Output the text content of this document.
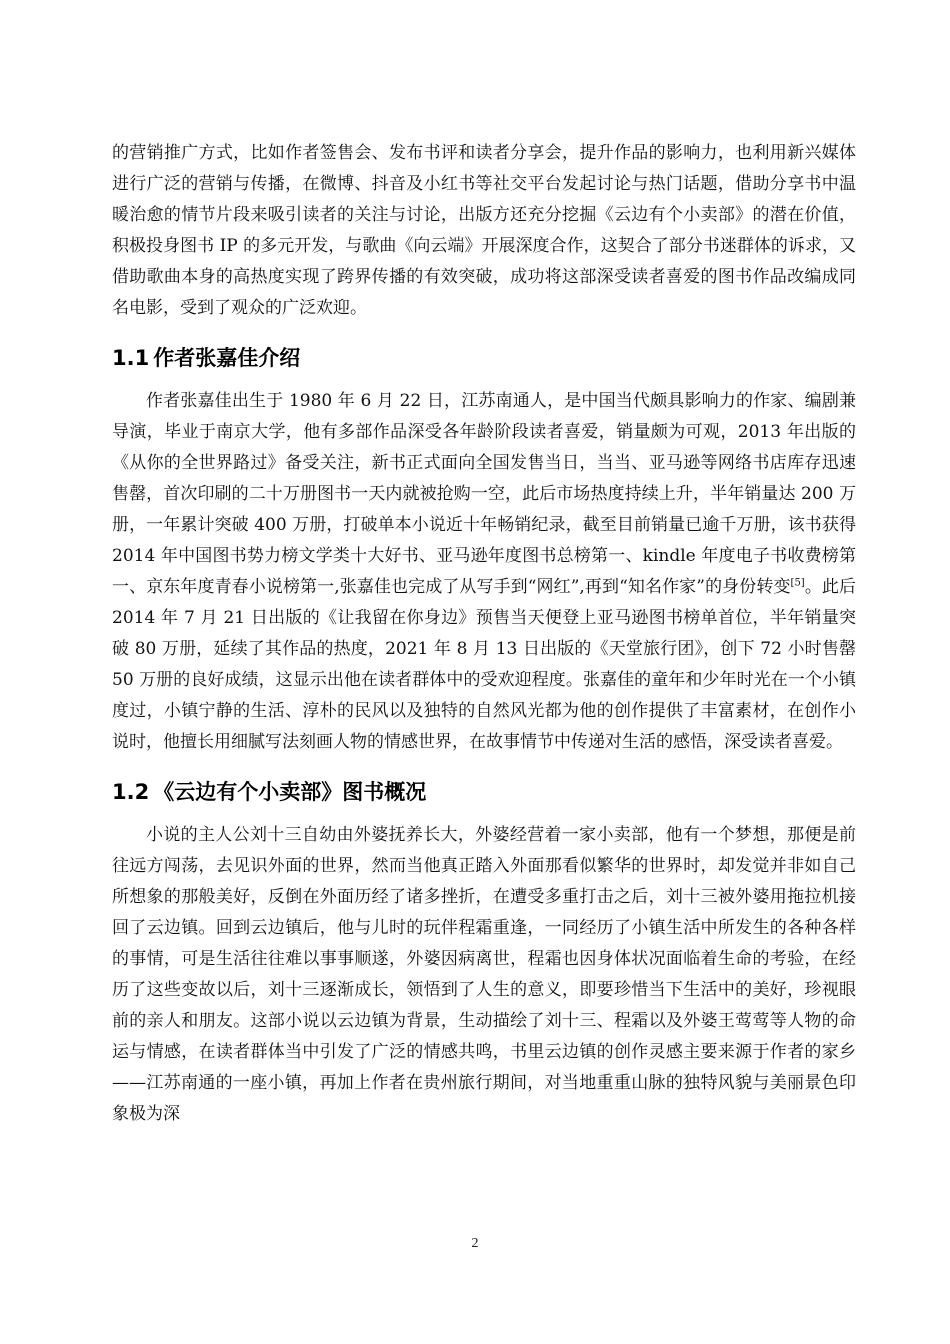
的营销推广方式，比如作者签售会、发布书评和读者分享会，提升作品的影响力，也利用新兴媒体进行广泛的营销与传播，在微博、抖音及小红书等社交平台发起讨论与热门话题，借助分享书中温暖治愈的情节片段来吸引读者的关注与讨论，出版方还充分挖掘《云边有个小卖部》的潜在价值，积极投身图书 IP 的多元开发，与歌曲《向云端》开展深度合作，这契合了部分书迷群体的诉求，又借助歌曲本身的高热度实现了跨界传播的有效突破，成功将这部深受读者喜爱的图书作品改编成同名电影，受到了观众的广泛欢迎。

1.1 作者张嘉佳介绍

作者张嘉佳出生于 1980 年 6 月 22 日，江苏南通人，是中国当代颇具影响力的作家、编剧兼导演，毕业于南京大学，他有多部作品深受各年龄阶段读者喜爱，销量颇为可观，2013 年出版的《从你的全世界路过》备受关注，新书正式面向全国发售当日，当当、亚马逊等网络书店库存迅速售罄，首次印刷的二十万册图书一天内就被抢购一空，此后市场热度持续上升，半年销量达 200 万册，一年累计突破 400 万册，打破单本小说近十年畅销纪录，截至目前销量已逾千万册，该书获得 2014 年中国图书势力榜文学类十大好书、亚马逊年度图书总榜第一、kindle 年度电子书收费榜第一、京东年度青春小说榜第一,张嘉佳也完成了从写手到“网红”,再到“知名作家”的身份转变[5]。此后 2014 年 7 月 21 日出版的《让我留在你身边》预售当天便登上亚马逊图书榜单首位，半年销量突破 80 万册，延续了其作品的热度，2021 年 8 月 13 日出版的《天堂旅行团》，创下 72 小时售罄 50 万册的良好成绩，这显示出他在读者群体中的受欢迎程度。张嘉佳的童年和少年时光在一个小镇度过，小镇宁静的生活、淳朴的民风以及独特的自然风光都为他的创作提供了丰富素材，在创作小说时，他擅长用细腻写法刻画人物的情感世界，在故事情节中传递对生活的感悟，深受读者喜爱。

1.2 《云边有个小卖部》图书概况

小说的主人公刘十三自幼由外婆抚养长大，外婆经营着一家小卖部，他有一个梦想，那便是前往远方闯荡，去见识外面的世界，然而当他真正踏入外面那看似繁华的世界时，却发觉并非如自己所想象的那般美好，反倒在外面历经了诸多挫折，在遭受多重打击之后，刘十三被外婆用拖拉机接回了云边镇。回到云边镇后，他与儿时的玩伴程霜重逢，一同经历了小镇生活中所发生的各种各样的事情，可是生活往往难以事事顺遂，外婆因病离世，程霜也因身体状况面临着生命的考验，在经历了这些变故以后，刘十三逐渐成长，领悟到了人生的意义，即要珍惜当下生活中的美好，珍视眼前的亲人和朋友。这部小说以云边镇为背景，生动描绘了刘十三、程霜以及外婆王莺莺等人物的命运与情感，在读者群体当中引发了广泛的情感共鸣，书里云边镇的创作灵感主要来源于作者的家乡——江苏南通的一座小镇，再加上作者在贵州旅行期间，对当地重重山脉的独特风貌与美丽景色印象极为深

2
